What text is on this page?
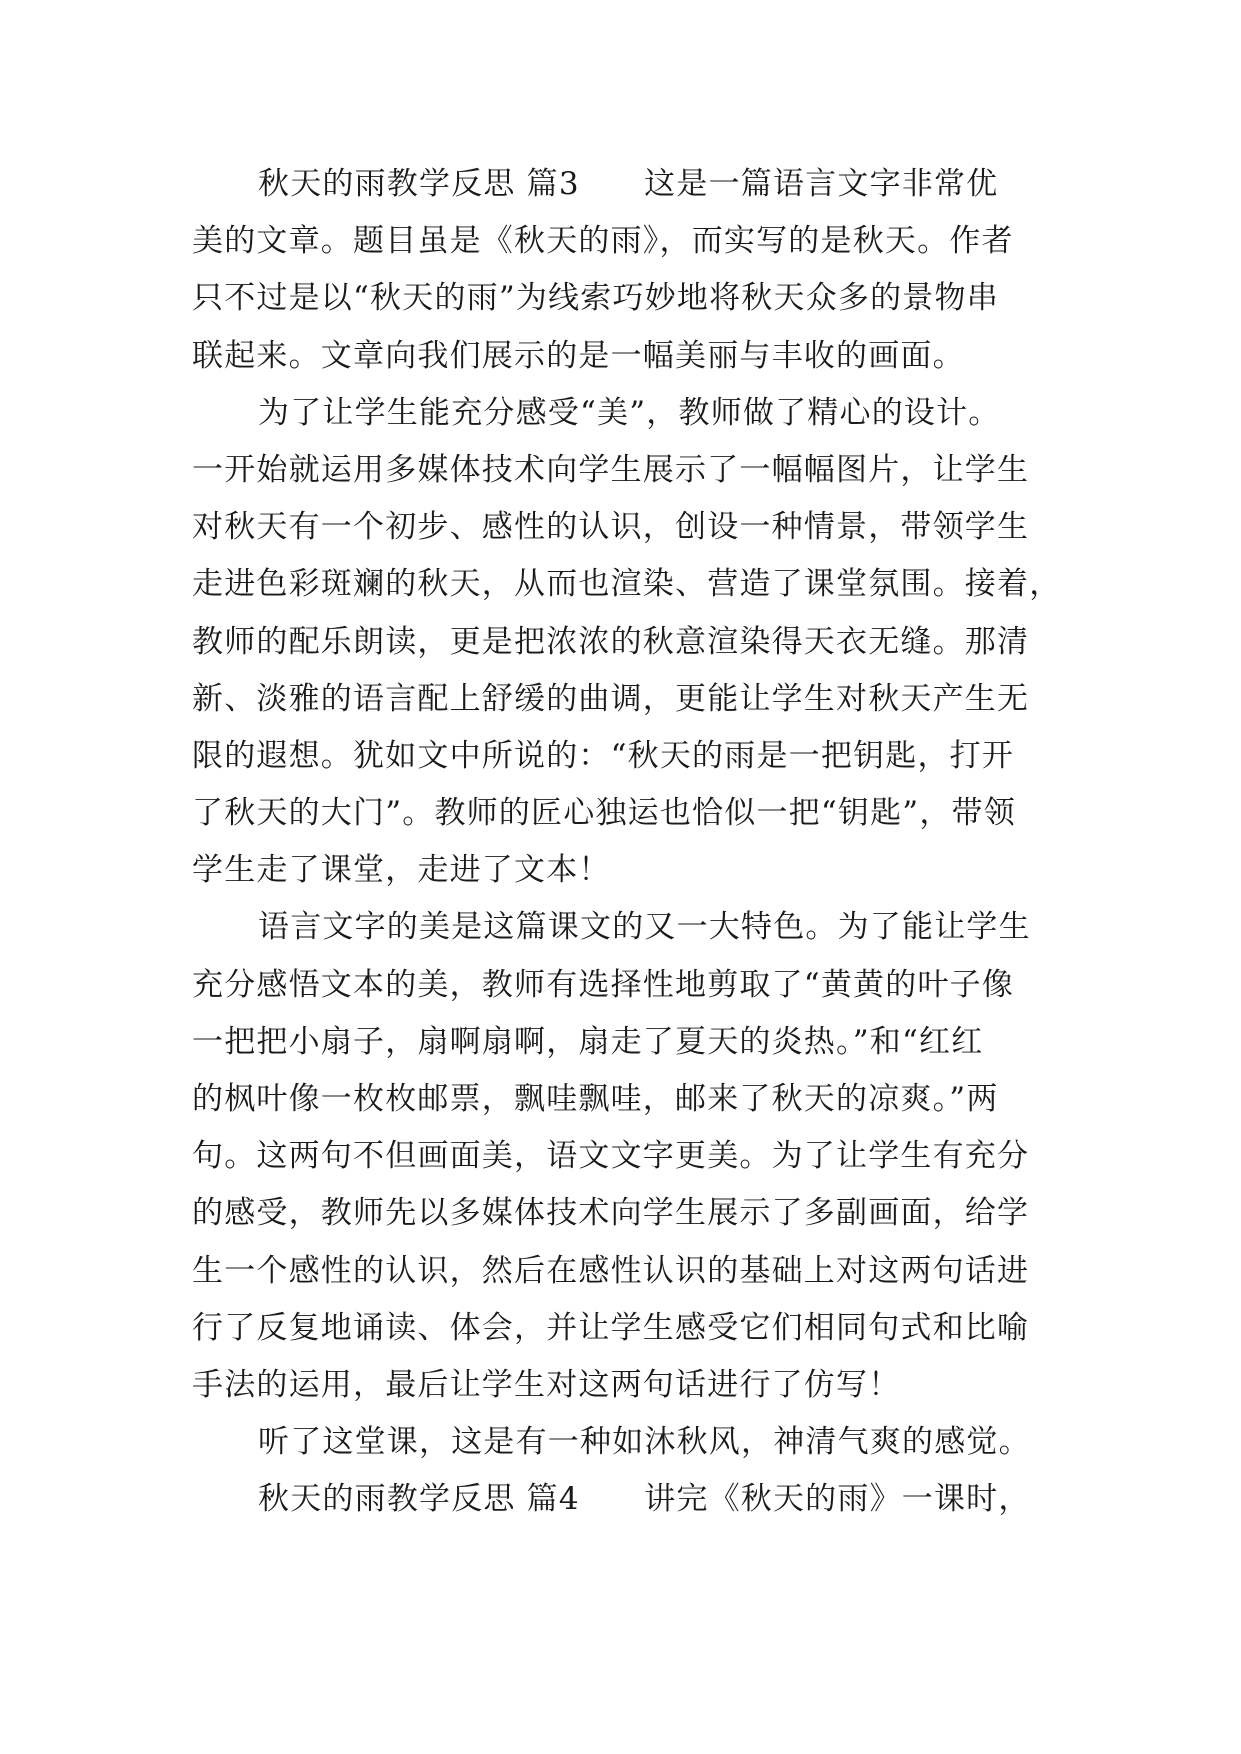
秋天的雨教学反思 篇3　　这是一篇语言文字非常优
美的文章。题目虽是《秋天的雨》，而实写的是秋天。作者
只不过是以“秋天的雨”为线索巧妙地将秋天众多的景物串
联起来。文章向我们展示的是一幅美丽与丰收的画面。
为了让学生能充分感受“美”，教师做了精心的设计。
一开始就运用多媒体技术向学生展示了一幅幅图片，让学生
对秋天有一个初步、感性的认识，创设一种情景，带领学生
走进色彩斑斓的秋天，从而也渲染、营造了课堂氛围。接着，
教师的配乐朗读，更是把浓浓的秋意渲染得天衣无缝。那清
新、淡雅的语言配上舒缓的曲调，更能让学生对秋天产生无
限的遐想。犹如文中所说的：“秋天的雨是一把钥匙，打开
了秋天的大门”。教师的匠心独运也恰似一把“钥匙”，带领
学生走了课堂，走进了文本！
语言文字的美是这篇课文的又一大特色。为了能让学生
充分感悟文本的美，教师有选择性地剪取了“黄黄的叶子像
一把把小扇子，扇啊扇啊，扇走了夏天的炎热。”和“红红
的枫叶像一枚枚邮票，飘哇飘哇，邮来了秋天的凉爽。”两
句。这两句不但画面美，语文文字更美。为了让学生有充分
的感受，教师先以多媒体技术向学生展示了多副画面，给学
生一个感性的认识，然后在感性认识的基础上对这两句话进
行了反复地诵读、体会，并让学生感受它们相同句式和比喻
手法的运用，最后让学生对这两句话进行了仿写！
听了这堂课，这是有一种如沐秋风，神清气爽的感觉。
秋天的雨教学反思 篇4　　讲完《秋天的雨》一课时，
